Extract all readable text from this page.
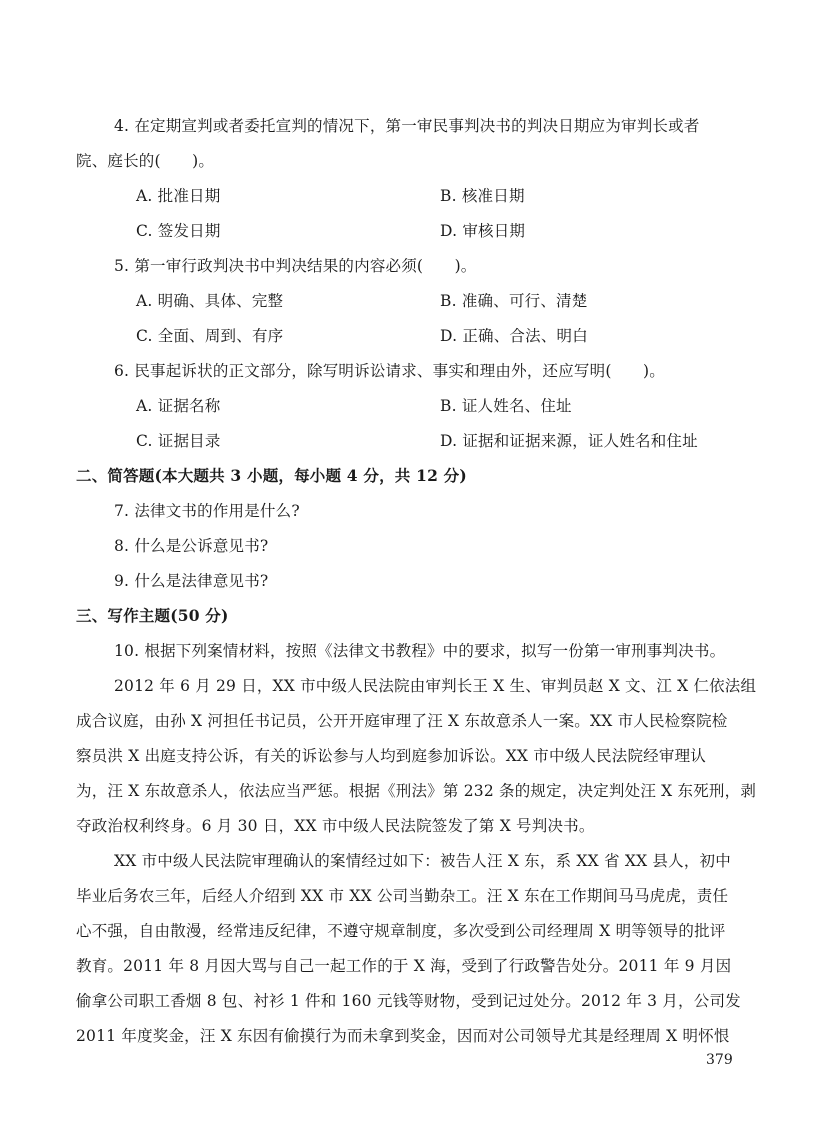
4. 在定期宣判或者委托宣判的情况下，第一审民事判决书的判决日期应为审判长或者
院、庭长的(　　)。
A. 批准日期	B. 核准日期
C. 签发日期	D. 审核日期
5. 第一审行政判决书中判决结果的内容必须(　　)。
A. 明确、具体、完整	B. 准确、可行、清楚
C. 全面、周到、有序	D. 正确、合法、明白
6. 民事起诉状的正文部分，除写明诉讼请求、事实和理由外，还应写明(　　)。
A. 证据名称	B. 证人姓名、住址
C. 证据目录	D. 证据和证据来源，证人姓名和住址
二、简答题(本大题共 3 小题，每小题 4 分，共 12 分)
7. 法律文书的作用是什么?
8. 什么是公诉意见书?
9. 什么是法律意见书?
三、写作主题(50 分)
10. 根据下列案情材料，按照《法律文书教程》中的要求，拟写一份第一审刑事判决书。
2012 年 6 月 29 日，XX 市中级人民法院由审判长王 X 生、审判员赵 X 文、江 X 仁依法组
成合议庭，由孙 X 河担任书记员，公开开庭审理了汪 X 东故意杀人一案。XX 市人民检察院检
察员洪 X 出庭支持公诉，有关的诉讼参与人均到庭参加诉讼。XX 市中级人民法院经审理认
为，汪 X 东故意杀人，依法应当严惩。根据《刑法》第 232 条的规定，决定判处汪 X 东死刑，剥
夺政治权利终身。6 月 30 日，XX 市中级人民法院签发了第 X 号判决书。
XX 市中级人民法院审理确认的案情经过如下：被告人汪 X 东，系 XX 省 XX 县人，初中
毕业后务农三年，后经人介绍到 XX 市 XX 公司当勤杂工。汪 X 东在工作期间马马虎虎，责任
心不强，自由散漫，经常违反纪律，不遵守规章制度，多次受到公司经理周 X 明等领导的批评
教育。2011 年 8 月因大骂与自己一起工作的于 X 海，受到了行政警告处分。2011 年 9 月因
偷拿公司职工香烟 8 包、衬衫 1 件和 160 元钱等财物，受到记过处分。2012 年 3 月，公司发
2011 年度奖金，汪 X 东因有偷摸行为而未拿到奖金，因而对公司领导尤其是经理周 X 明怀恨
379
